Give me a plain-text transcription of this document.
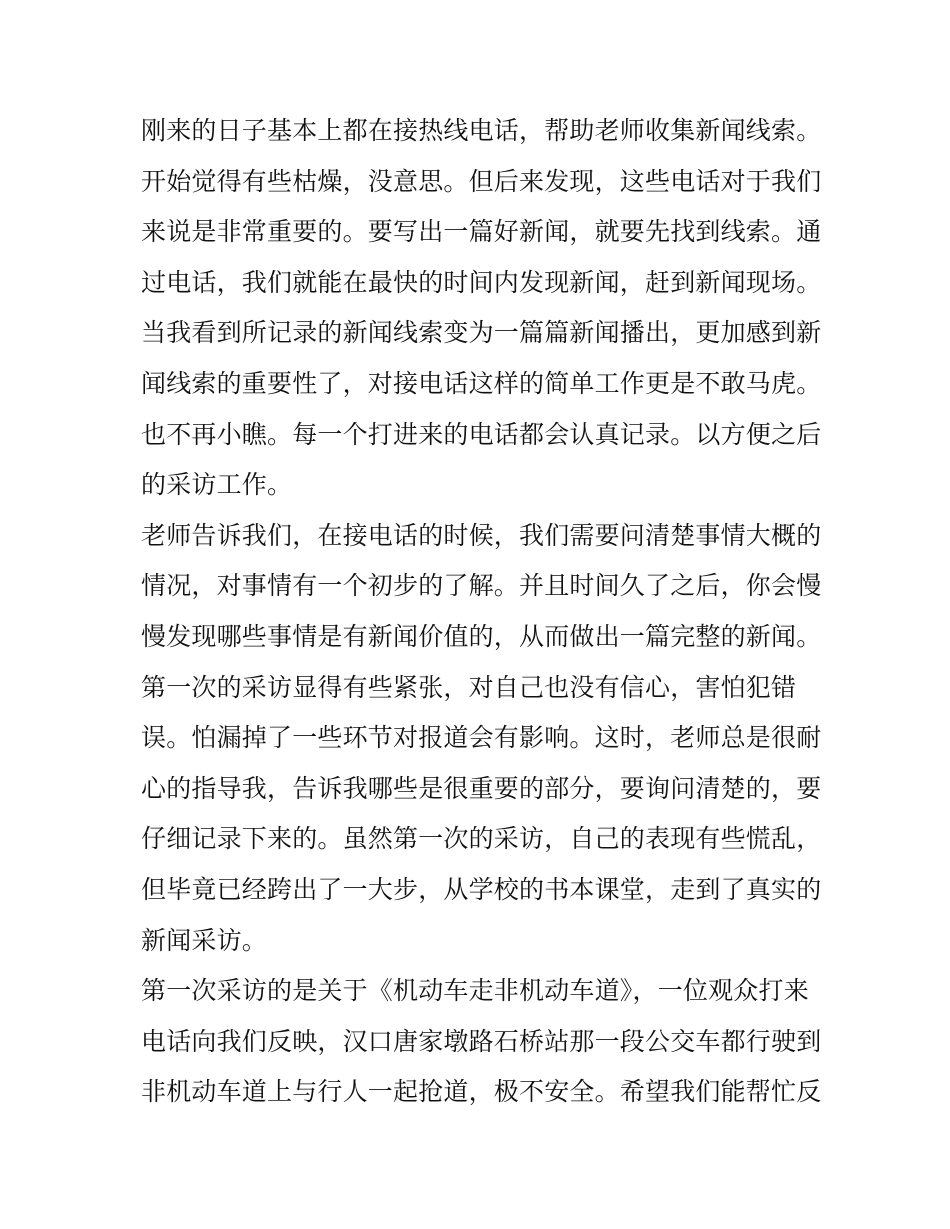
刚来的日子基本上都在接热线电话，帮助老师收集新闻线索。
开始觉得有些枯燥，没意思。但后来发现，这些电话对于我们
来说是非常重要的。要写出一篇好新闻，就要先找到线索。通
过电话，我们就能在最快的时间内发现新闻，赶到新闻现场。
当我看到所记录的新闻线索变为一篇篇新闻播出，更加感到新
闻线索的重要性了，对接电话这样的简单工作更是不敢马虎。
也不再小瞧。每一个打进来的电话都会认真记录。以方便之后
的采访工作。
老师告诉我们，在接电话的时候，我们需要问清楚事情大概的
情况，对事情有一个初步的了解。并且时间久了之后，你会慢
慢发现哪些事情是有新闻价值的，从而做出一篇完整的新闻。
第一次的采访显得有些紧张，对自己也没有信心，害怕犯错
误。怕漏掉了一些环节对报道会有影响。这时，老师总是很耐
心的指导我，告诉我哪些是很重要的部分，要询问清楚的，要
仔细记录下来的。虽然第一次的采访，自己的表现有些慌乱，
但毕竟已经跨出了一大步，从学校的书本课堂，走到了真实的
新闻采访。
第一次采访的是关于《机动车走非机动车道》，一位观众打来
电话向我们反映，汉口唐家墩路石桥站那一段公交车都行驶到
非机动车道上与行人一起抢道，极不安全。希望我们能帮忙反
